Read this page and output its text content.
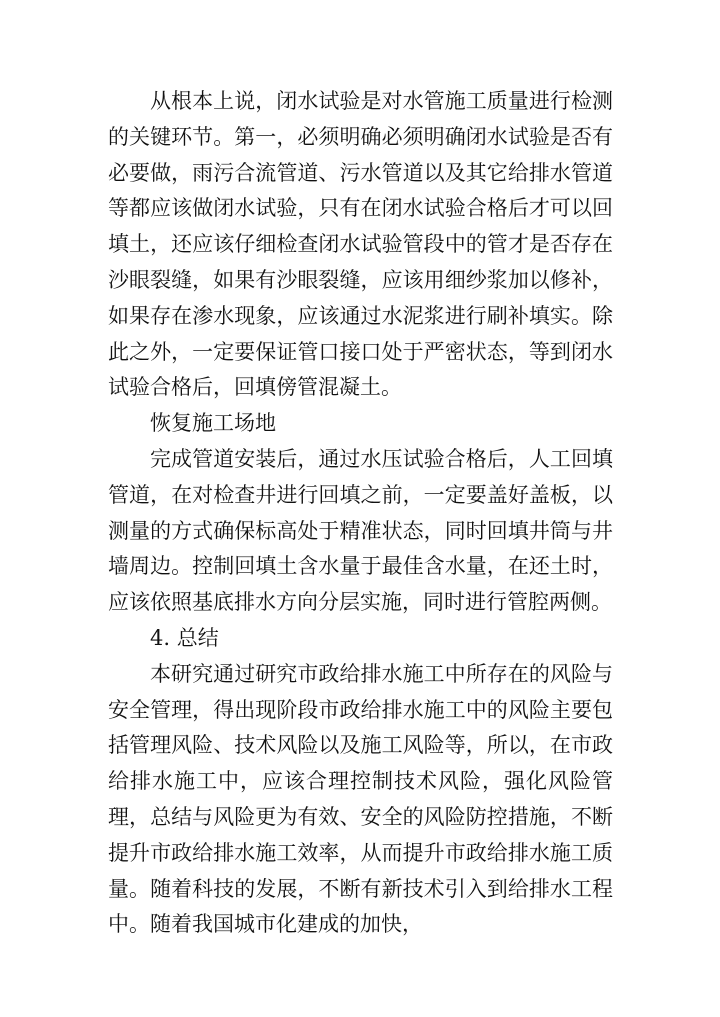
从根本上说，闭水试验是对水管施工质量进行检测的关键环节。第一，必须明确必须明确闭水试验是否有必要做，雨污合流管道、污水管道以及其它给排水管道等都应该做闭水试验，只有在闭水试验合格后才可以回填土，还应该仔细检查闭水试验管段中的管才是否存在沙眼裂缝，如果有沙眼裂缝，应该用细纱浆加以修补，如果存在渗水现象，应该通过水泥浆进行刷补填实。除此之外，一定要保证管口接口处于严密状态，等到闭水试验合格后，回填傍管混凝土。

恢复施工场地

完成管道安装后，通过水压试验合格后，人工回填管道，在对检查井进行回填之前，一定要盖好盖板，以测量的方式确保标高处于精准状态，同时回填井筒与井墙周边。控制回填土含水量于最佳含水量，在还土时，应该依照基底排水方向分层实施，同时进行管腔两侧。

4. 总结

本研究通过研究市政给排水施工中所存在的风险与安全管理，得出现阶段市政给排水施工中的风险主要包括管理风险、技术风险以及施工风险等，所以，在市政给排水施工中，应该合理控制技术风险，强化风险管理，总结与风险更为有效、安全的风险防控措施，不断提升市政给排水施工效率，从而提升市政给排水施工质量。随着科技的发展，不断有新技术引入到给排水工程中。随着我国城市化建成的加快，
